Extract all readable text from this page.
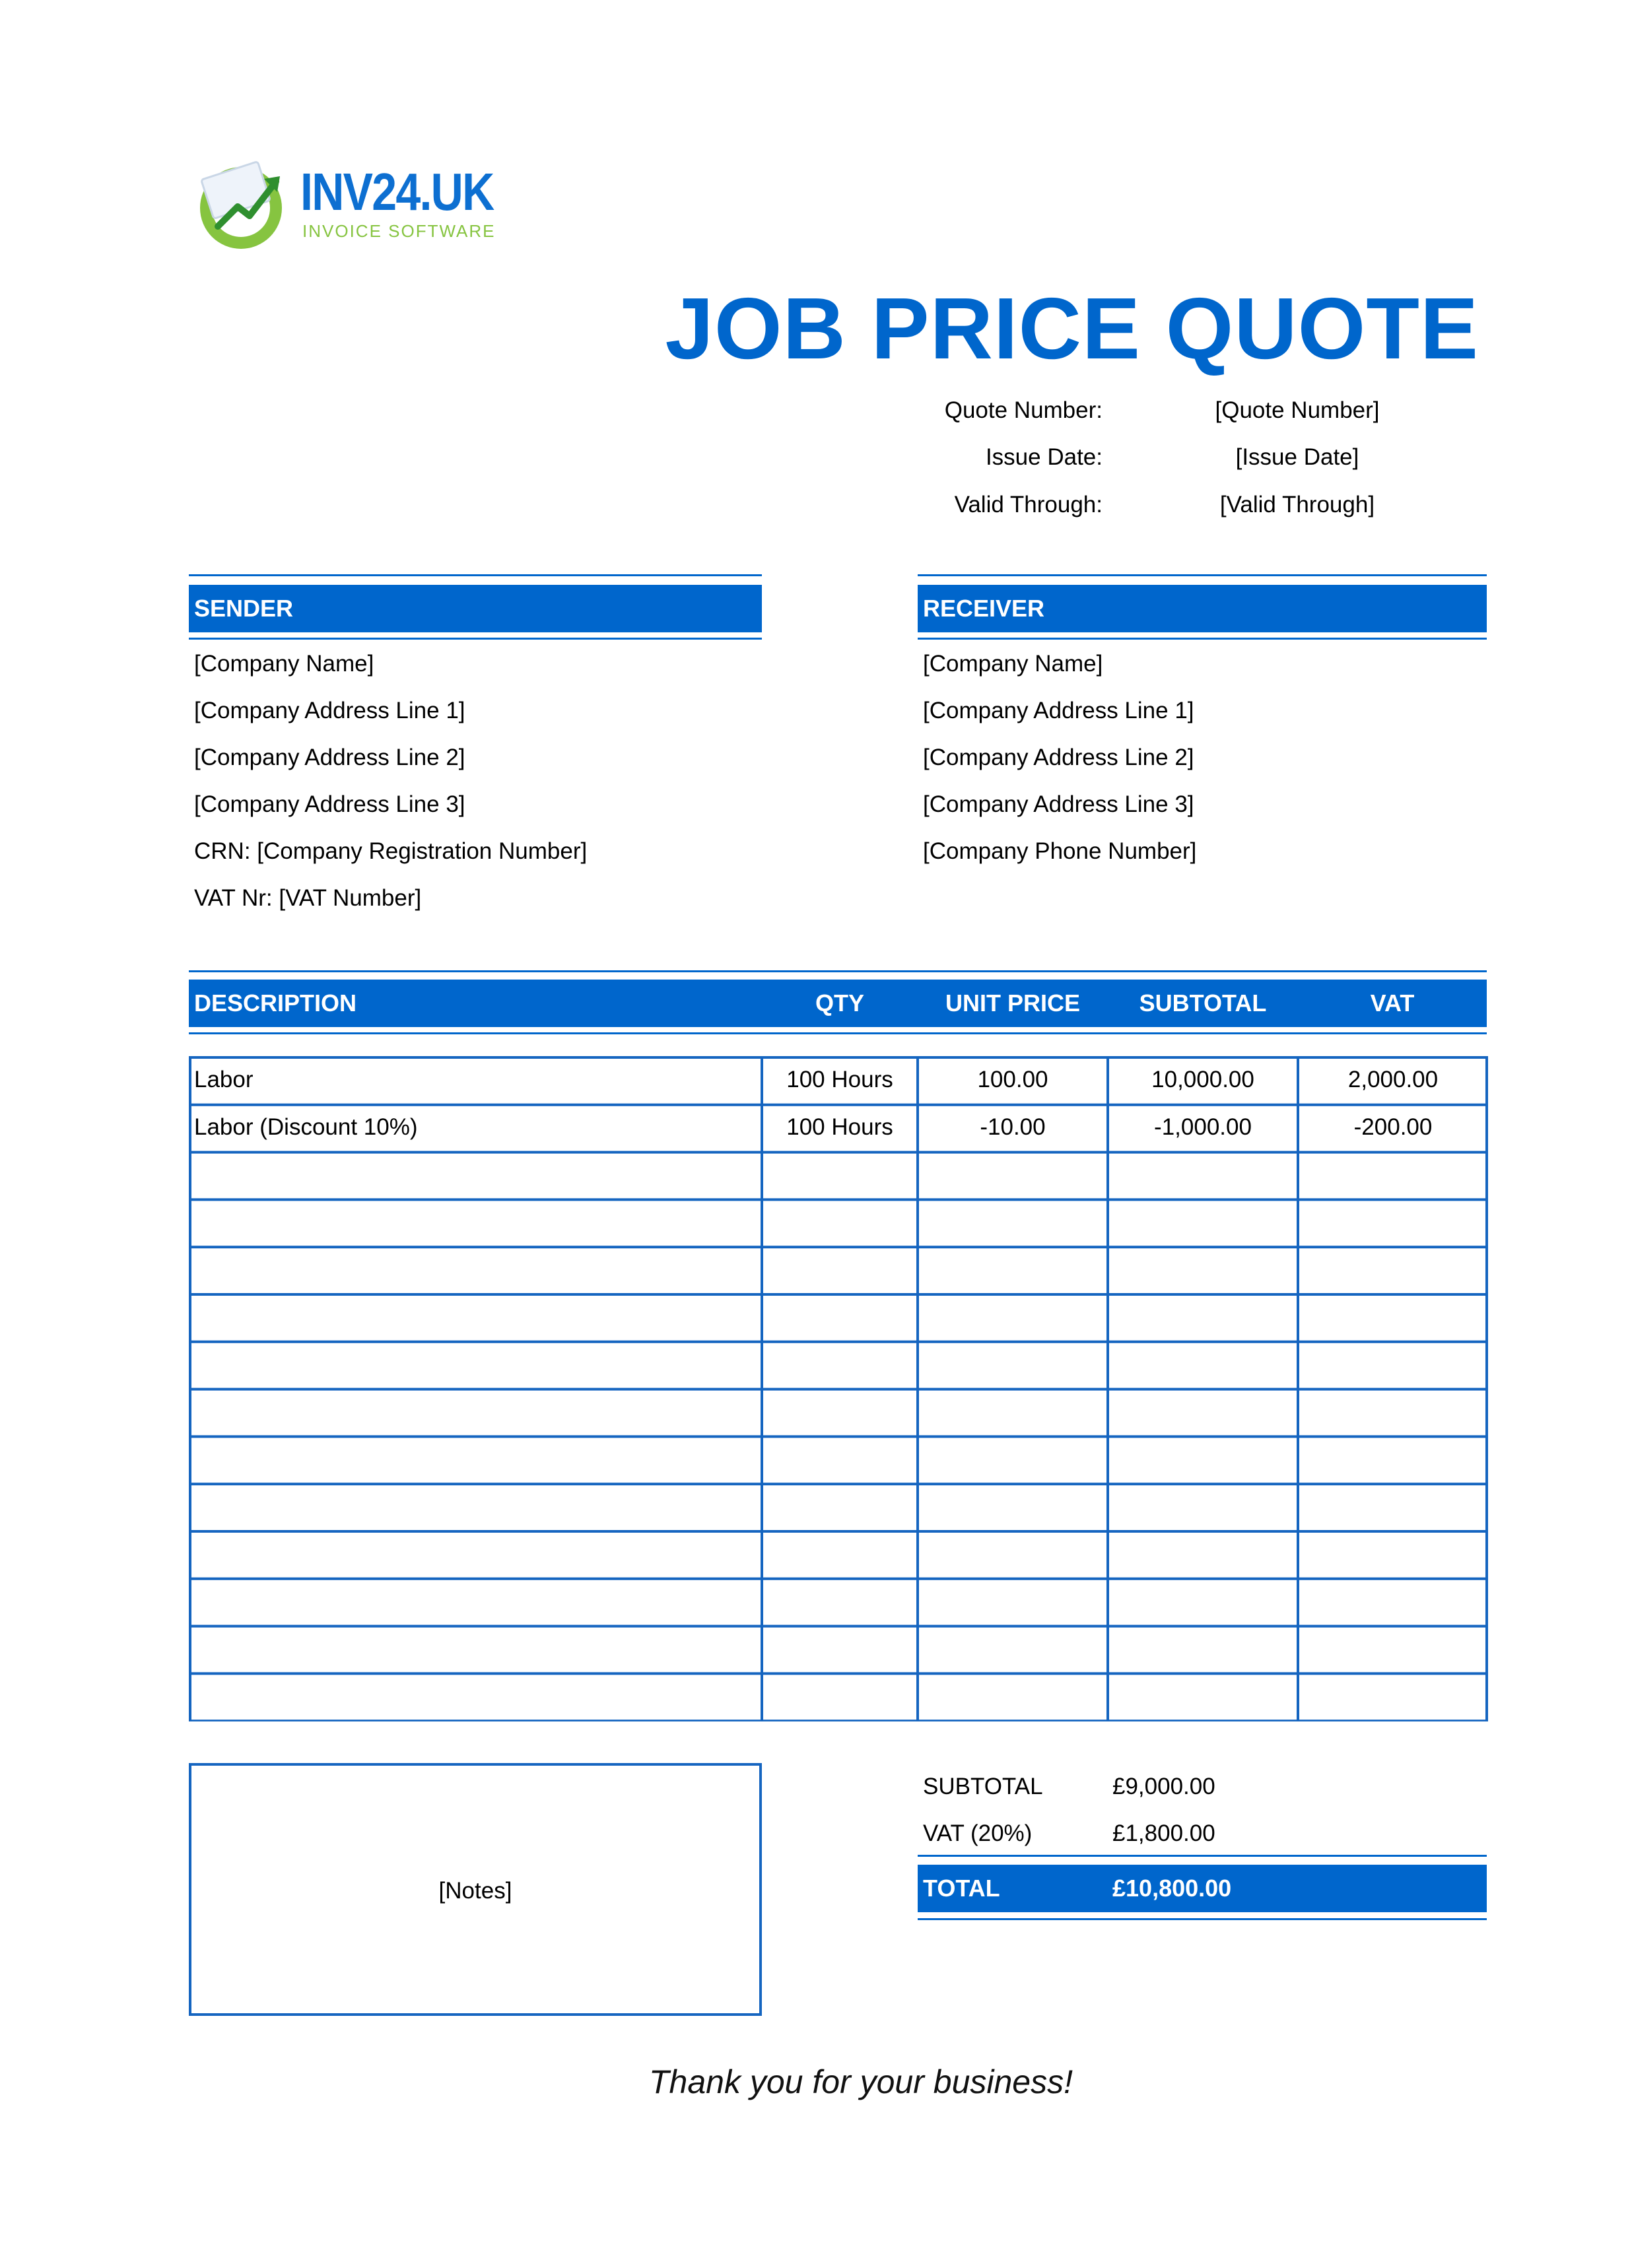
INV24.UK
INVOICE SOFTWARE
JOB PRICE QUOTE
Quote Number:	[Quote Number]
Issue Date:	[Issue Date]
Valid Through:	[Valid Through]
SENDER
[Company Name]
[Company Address Line 1]
[Company Address Line 2]
[Company Address Line 3]
CRN: [Company Registration Number]
VAT Nr: [VAT Number]
RECEIVER
[Company Name]
[Company Address Line 1]
[Company Address Line 2]
[Company Address Line 3]
[Company Phone Number]
DESCRIPTION	QTY	UNIT PRICE	SUBTOTAL	VAT
Labor	100 Hours	100.00	10,000.00	2,000.00
Labor (Discount 10%)	100 Hours	-10.00	-1,000.00	-200.00
[Notes]
SUBTOTAL	£9,000.00
VAT (20%)	£1,800.00
TOTAL	£10,800.00
Thank you for your business!
